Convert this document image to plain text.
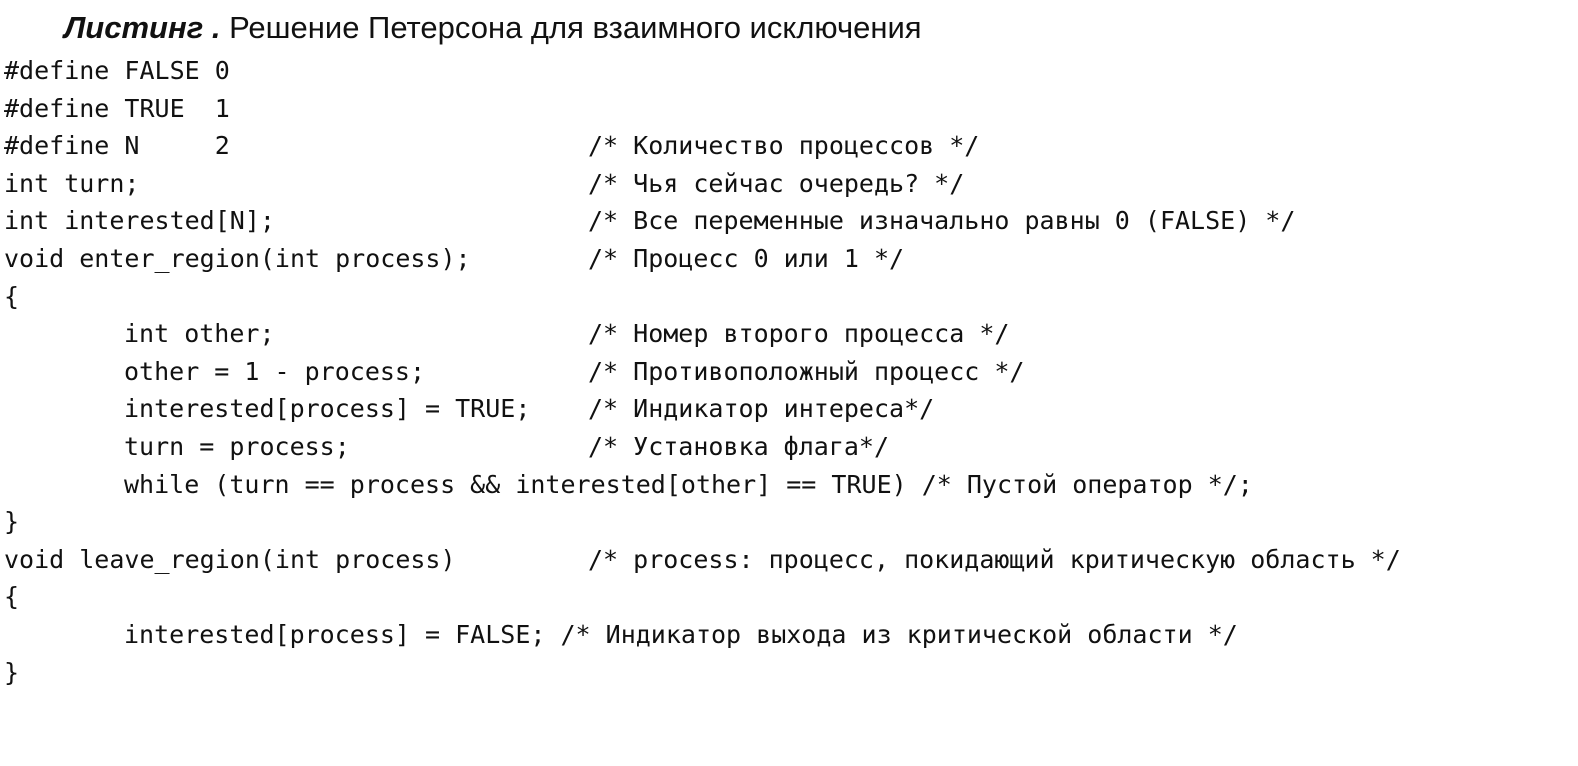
Листинг . Решение Петерсона для взаимного исключения

#define FALSE 0

#define TRUE  1

#define N     2

	/* Количество процессов */

int turn;

	/* Чья сейчас очередь? */

int interested[N];

	/* Все переменные изначально равны 0 (FALSE) */

void enter_region(int process);

	/* Процесс 0 или 1 */

{

int other;

	/* Номер второго процесса */

other = 1 - process;

	/* Противоположный процесс */

interested[process] = TRUE;

/* Индикатор интереса*/

turn = process;

	/* Установка флага*/

while (turn == process && interested[other] == TRUE) /* Пустой оператор */;

}

void leave_region(int process)

	/* process: процесс, покидающий критическую область */

{

interested[process] = FALSE; /* Индикатор выхода из критической области */

}
